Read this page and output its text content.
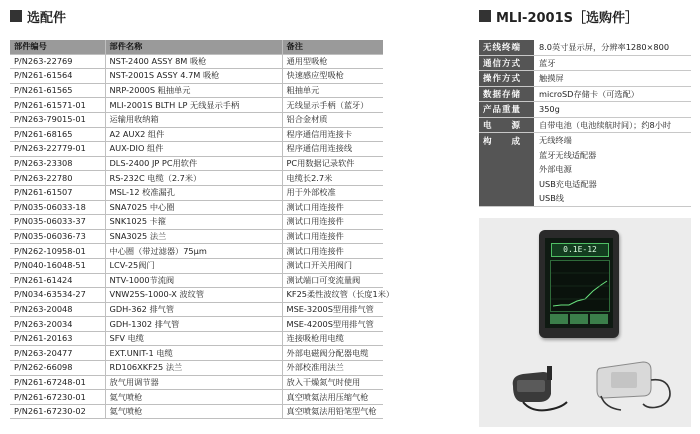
选配件	MLI-2001S［选购件］
部件编号	部件名称	备注
P/N263-22769	NST-2400 ASSY 8M 吸枪	通用型吸枪
P/N261-61564	NST-2001S ASSY 4.7M 吸枪	快速感应型吸枪
P/N261-61565	NRP-2000S 粗抽单元	粗抽单元
P/N261-61571-01	MLI-2001S BLTH LP 无线显示手柄	无线显示手柄（蓝牙）
P/N263-79015-01	运输用收纳箱	铝合金材质
P/N261-68165	A2 AUX2 组件	程序通信用连接卡
P/N263-22779-01	AUX-DIO 组件	程序通信用连接线
P/N263-23308	DLS-2400 JP PC用软件	PC用数据记录软件
P/N263-22780	RS-232C 电缆（2.7米）	电缆长2.7米
P/N261-61507	MSL-12 校准漏孔	用于外部校准
P/N035-06033-18	SNA7025 中心圈	测试口用连接件
P/N035-06033-37	SNK1025 卡箍	测试口用连接件
P/N035-06036-73	SNA3025 法兰	测试口用连接件
P/N262-10958-01	中心圈（带过滤器）75μm	测试口用连接件
P/N040-16048-51	LCV-25阀门	测试口开关用阀门
P/N261-61424	NTV-1000节流阀	测试端口可变流量阀
P/N034-63534-27	VNW25S-1000-X 波纹管	KF25柔性波纹管（长度1米）
P/N263-20048	GDH-362 排气管	MSE-3200S型用排气管
P/N263-20034	GDH-1302 排气管	MSE-4200S型用排气管
P/N261-20163	SFV 电缆	连接吸枪用电缆
P/N263-20477	EXT.UNIT-1 电缆	外部电磁阀分配器电缆
P/N262-66098	RD106XKF25 法兰	外部校准用法兰
P/N261-67248-01	放气用调节器	放入干燥氮气时使用
P/N261-67230-01	氦气喷枪	真空喷氦法用压缩气枪
P/N261-67230-02	氦气喷枪	真空喷氦法用铅笔型气枪
无线终端	8.0英寸显示屏，分辨率1280×800
通信方式	蓝牙
操作方式	触摸屏
数据存储	microSD存储卡（可选配）
产品重量	350g
电　　源	自带电池（电池续航时间）；约8小时
构　　成	无线终端
蓝牙无线适配器
外部电源
USB充电适配器
USB线
0.1E-12
